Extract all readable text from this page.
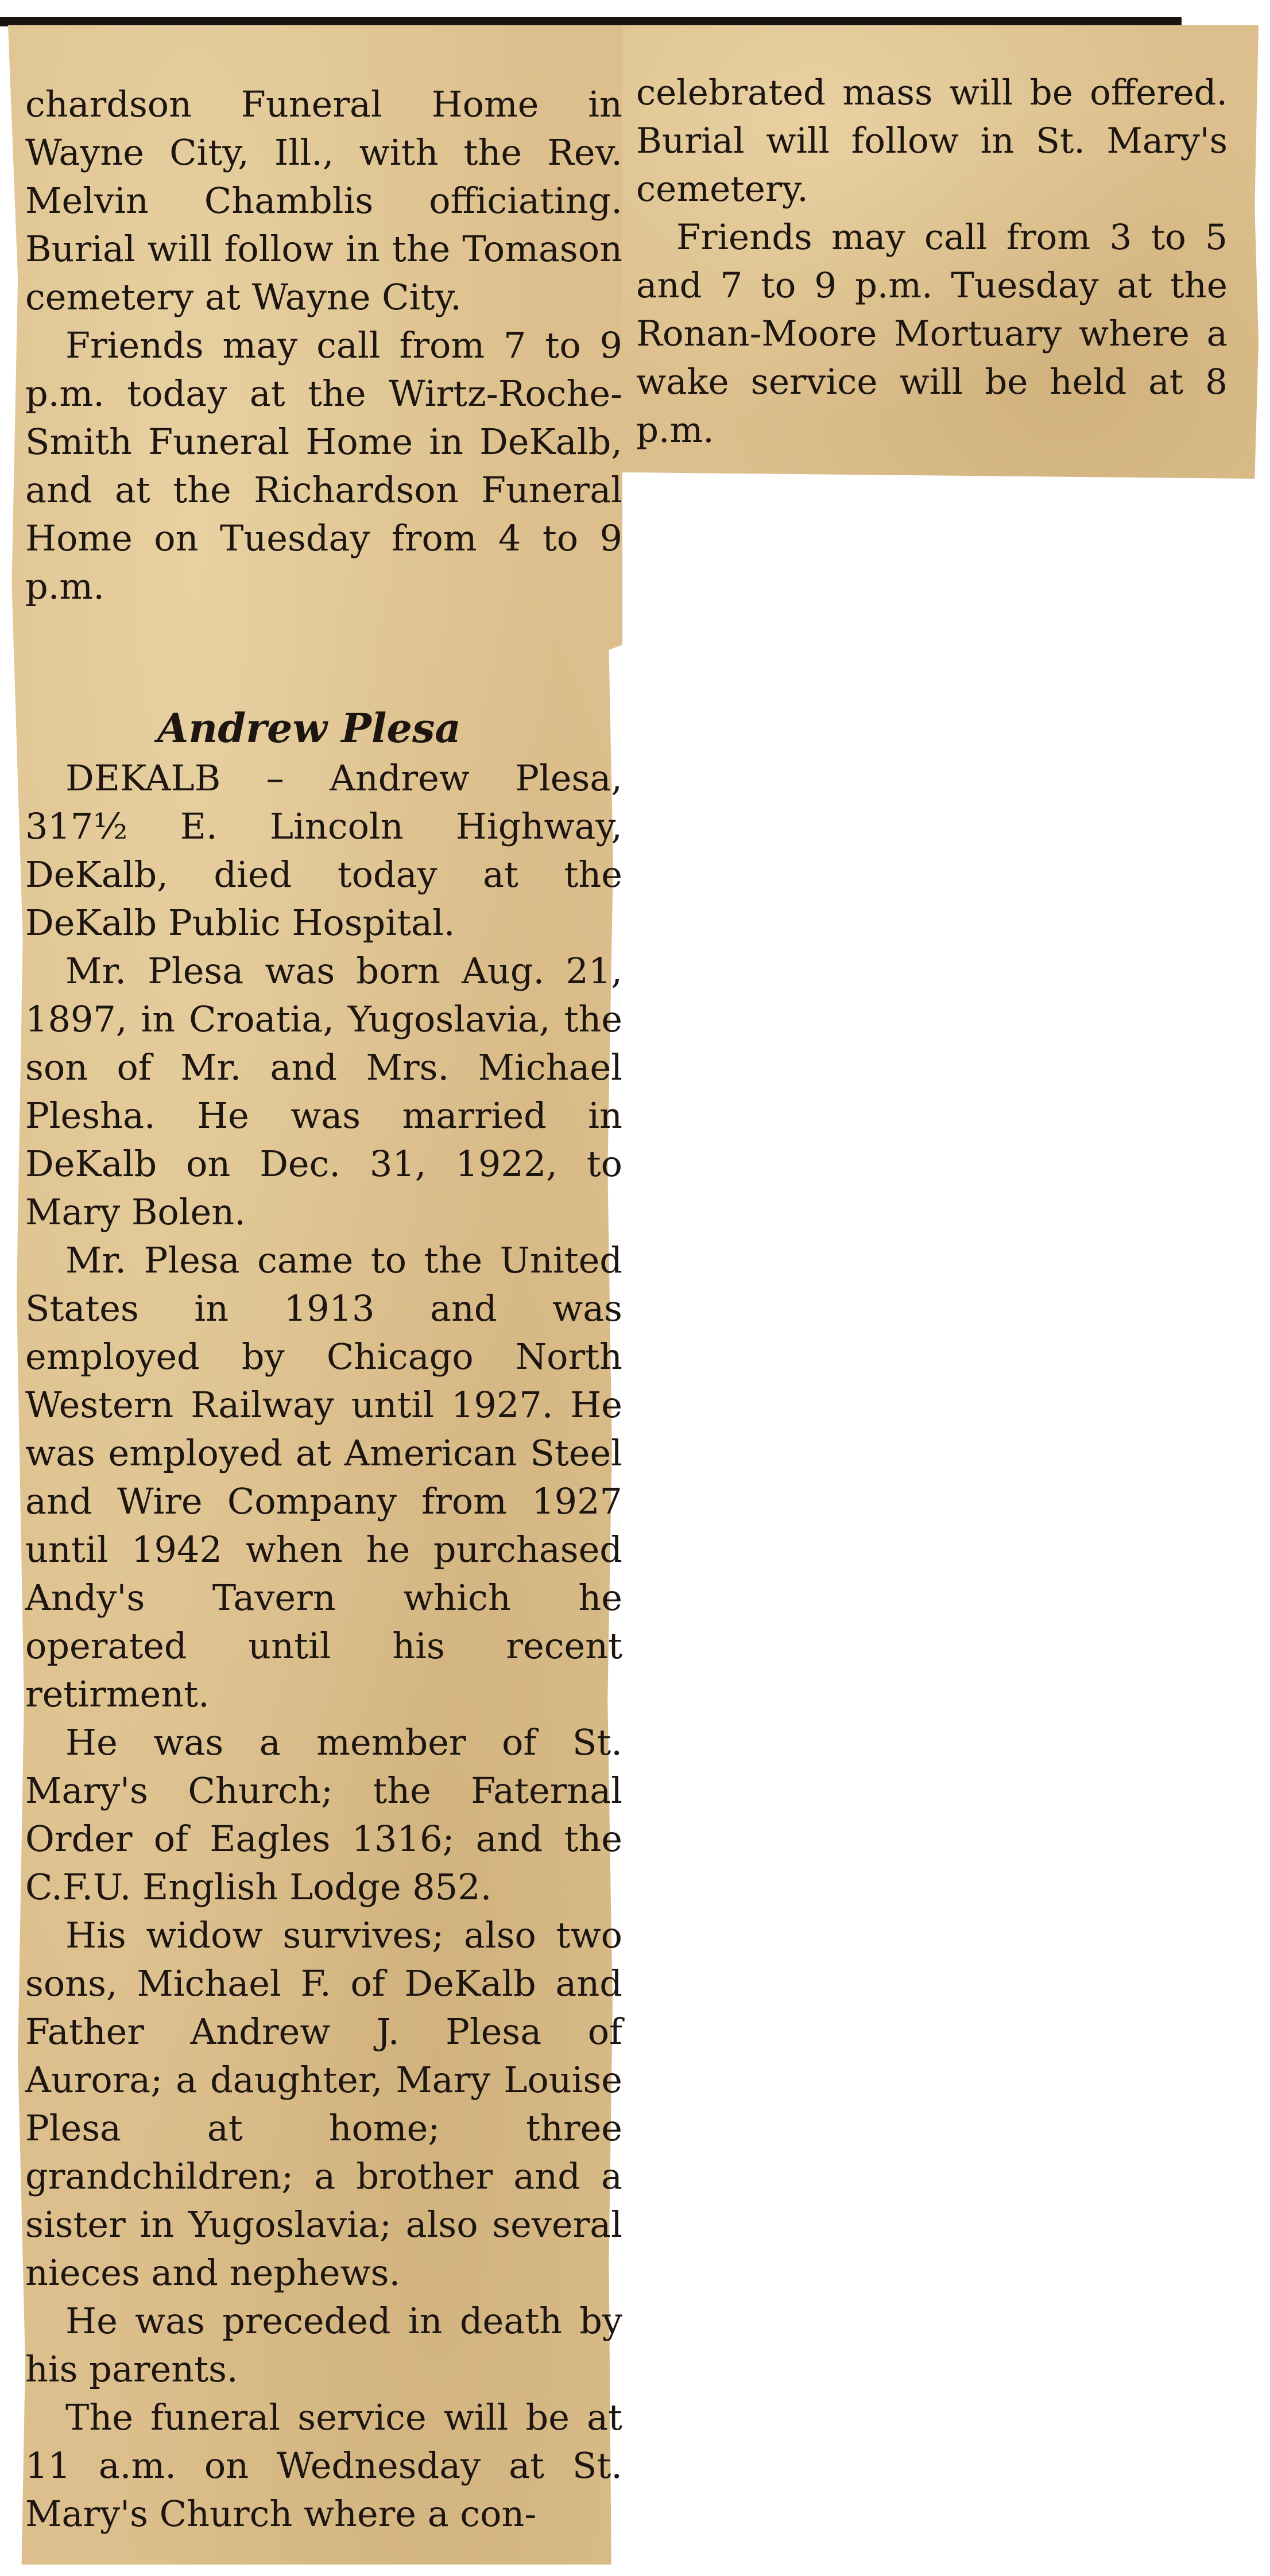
chardson Funeral Home in Wayne City, Ill., with the Rev. Melvin Chamblis officiating. Burial will follow in the Tomason cemetery at Wayne City.

Friends may call from 7 to 9 p.m. today at the Wirtz-Roche-Smith Funeral Home in DeKalb, and at the Richardson Funeral Home on Tuesday from 4 to 9 p.m.

Andrew Plesa

DEKALB – Andrew Plesa, 317½ E. Lincoln Highway, DeKalb, died today at the DeKalb Public Hospital.

Mr. Plesa was born Aug. 21, 1897, in Croatia, Yugoslavia, the son of Mr. and Mrs. Michael Plesha. He was married in DeKalb on Dec. 31, 1922, to Mary Bolen.

Mr. Plesa came to the United States in 1913 and was employed by Chicago North Western Railway until 1927. He was employed at American Steel and Wire Company from 1927 until 1942 when he purchased Andy's Tavern which he operated until his recent retirment.

He was a member of St. Mary's Church; the Faternal Order of Eagles 1316; and the C.F.U. English Lodge 852.

His widow survives; also two sons, Michael F. of DeKalb and Father Andrew J. Plesa of Aurora; a daughter, Mary Louise Plesa at home; three grandchildren; a brother and a sister in Yugoslavia; also several nieces and nephews.

He was preceded in death by his parents.

The funeral service will be at 11 a.m. on Wednesday at St. Mary's Church where a con-

celebrated mass will be offered. Burial will follow in St. Mary's cemetery.

Friends may call from 3 to 5 and 7 to 9 p.m. Tuesday at the Ronan-Moore Mortuary where a wake service will be held at 8 p.m.
